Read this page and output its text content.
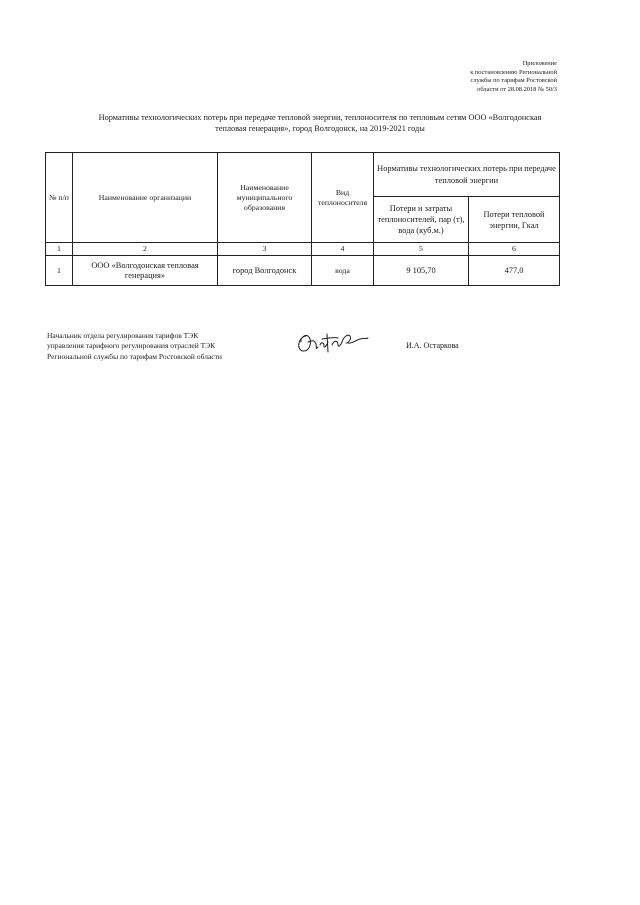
Приложение
к постановлению Региональной
службы по тарифам Ростовской
области от 28.08.2018 № 50/3
Нормативы технологических потерь при передаче тепловой энергии, теплоносителя по тепловым сетям ООО «Волгодонская
тепловая генерация», город Волгодонск, на 2019-2021 годы
№ п/п	Наименование организации	Наименование муниципального образования	Вид теплоносителя	Нормативы технологических потерь при передаче тепловой энергии	
				Потери и затраты теплоносителей, пар (т), вода (куб.м.)	Потери тепловой энергии, Гкал
1	2	3	4	5	6
1	ООО «Волгодонская тепловая генерация»	город Волгодонск	вода	9 105,70	477,0
Начальник отдела регулирования тарифов ТЭК
управления тарифного регулирования отраслей ТЭК
Региональной службы по тарифам Ростовской области
И.А. Остаркова
